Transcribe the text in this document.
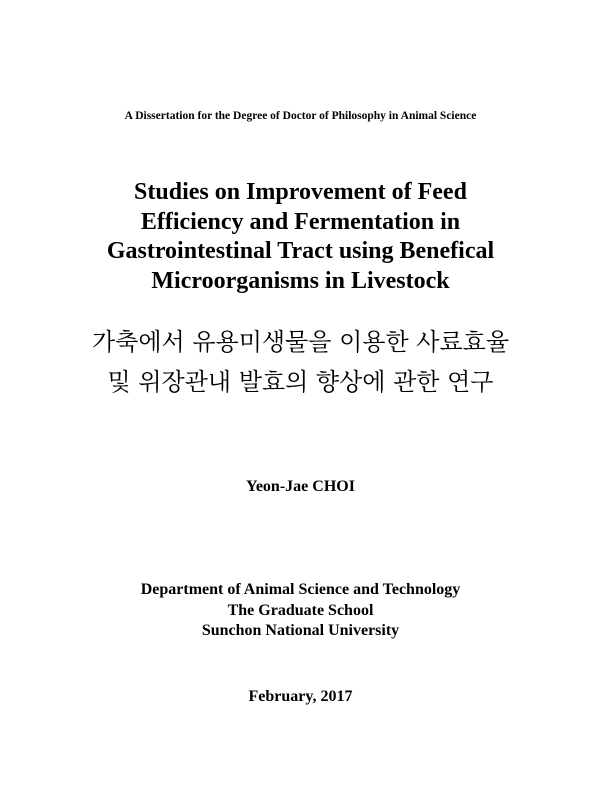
A Dissertation for the Degree of Doctor of Philosophy in Animal Science
Studies on Improvement of Feed
Efficiency and Fermentation in
Gastrointestinal Tract using Benefical
Microorganisms in Livestock
가축에서 유용미생물을 이용한 사료효율
및 위장관내 발효의 향상에 관한 연구
Yeon-Jae CHOI
Department of Animal Science and Technology
The Graduate School
Sunchon National University
February, 2017
